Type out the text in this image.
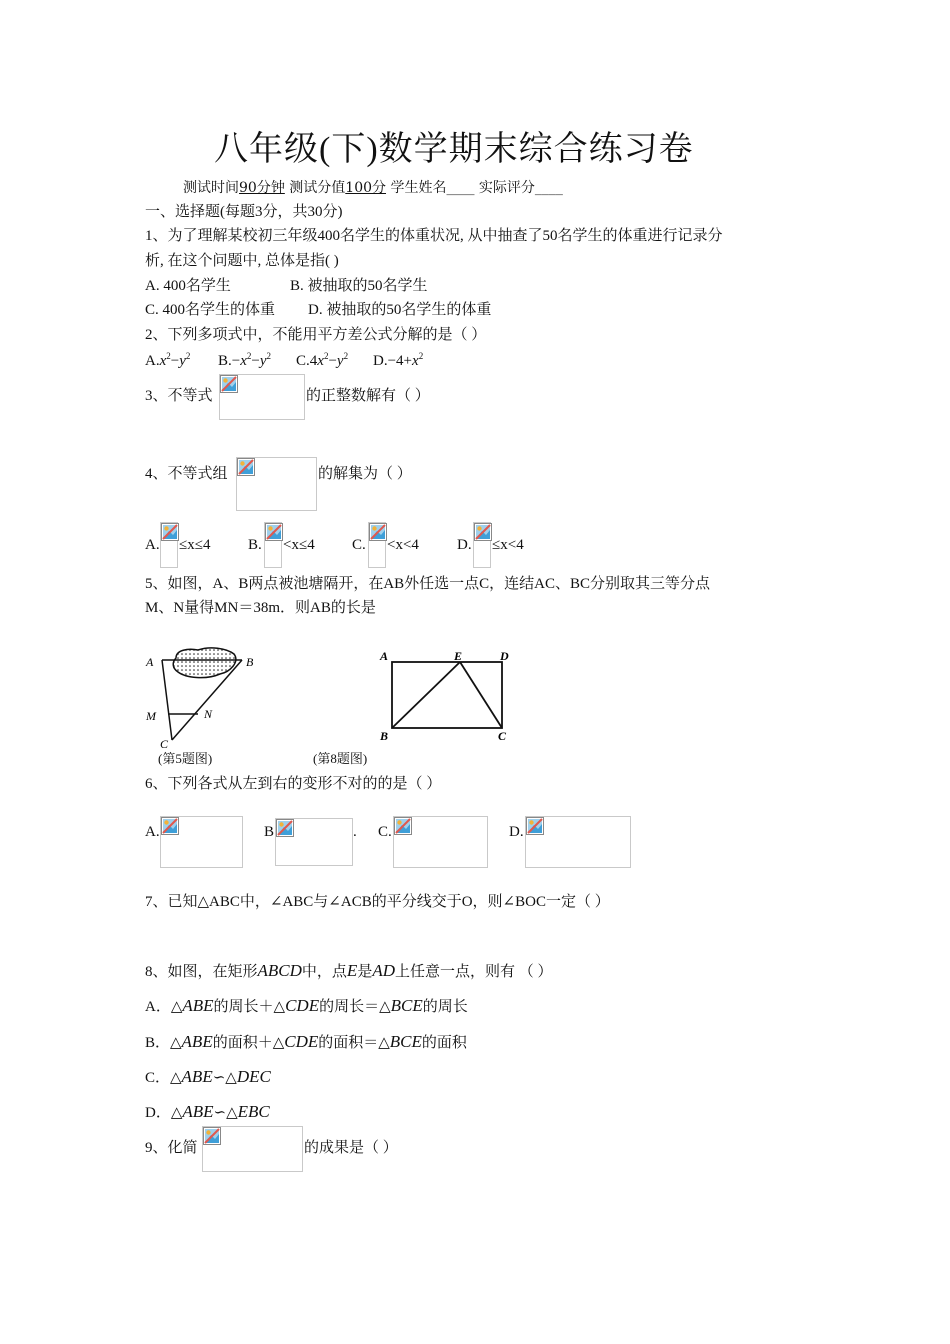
八年级(下)数学期末综合练习卷
测试时间90分钟 测试分值100分 学生姓名____ 实际评分____
一、选择题(每题3分，共30分)
1、为了理解某校初三年级400名学生的体重状况, 从中抽查了50名学生的体重进行记录分
析, 在这个问题中, 总体是指( )
A. 400名学生	B. 被抽取的50名学生
C. 400名学生的体重 D. 被抽取的50名学生的体重
2、下列多项式中，不能用平方差公式分解的是（ ）
$A.x^2-y^2$ $B.-x^2-y^2$ $C.4x^2-y^2$ $D.-4+x^2$
3、不等式	的正整数解有（ ）
4、不等式组	的解集为（ ）
A. ≤x≤4	B. <x≤4 C. <x<4	D. ≤x<4
5、如图，A、B两点被池塘隔开，在AB外任选一点C，连结AC、BC分别取其三等分点
M、N量得MN＝38m．则AB的长是
A	B
M	N
C
(第5题图)
A	E	D
B	C
(第8题图)
6、下列各式从左到右的变形不对的的是（ ）
A.	B	. C.	D.
7、已知△ABC中，∠ABC与∠ACB的平分线交于O，则∠BOC一定（ ）
8、如图，在矩形ABCD中，点E是AD上任意一点，则有 （ ）
A．△ABE的周长＋△CDE的周长＝△BCE的周长
B．△ABE的面积＋△CDE的面积＝△BCE的面积
C．△ABE∽△DEC
D．△ABE∽△EBC
9、化简	的成果是（ ）
